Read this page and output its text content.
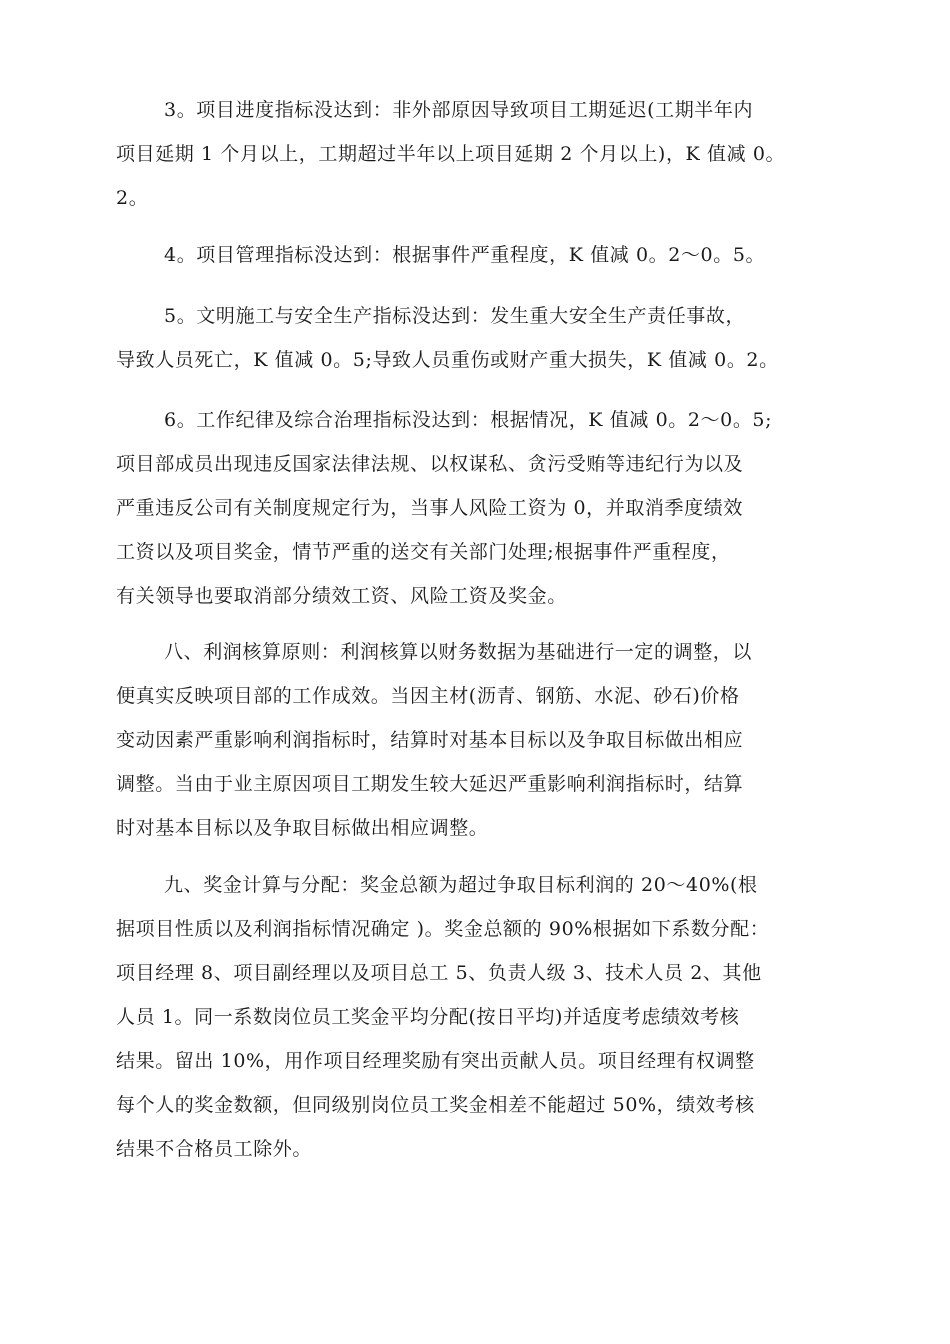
3。项目进度指标没达到：非外部原因导致项目工期延迟(工期半年内
项目延期 1 个月以上，工期超过半年以上项目延期 2 个月以上)，K 值减 0。
2。
4。项目管理指标没达到：根据事件严重程度，K 值减 0。2～0。5。
5。文明施工与安全生产指标没达到：发生重大安全生产责任事故，
导致人员死亡，K 值减 0。5;导致人员重伤或财产重大损失，K 值减 0。2。
6。工作纪律及综合治理指标没达到：根据情况，K 值减 0。2～0。5;
项目部成员出现违反国家法律法规、以权谋私、贪污受贿等违纪行为以及
严重违反公司有关制度规定行为，当事人风险工资为 0，并取消季度绩效
工资以及项目奖金，情节严重的送交有关部门处理;根据事件严重程度，
有关领导也要取消部分绩效工资、风险工资及奖金。
八、利润核算原则：利润核算以财务数据为基础进行一定的调整，以
便真实反映项目部的工作成效。当因主材(沥青、钢筋、水泥、砂石)价格
变动因素严重影响利润指标时，结算时对基本目标以及争取目标做出相应
调整。当由于业主原因项目工期发生较大延迟严重影响利润指标时，结算
时对基本目标以及争取目标做出相应调整。
九、奖金计算与分配：奖金总额为超过争取目标利润的 20～40%(根
据项目性质以及利润指标情况确定 )。奖金总额的 90%根据如下系数分配：
项目经理 8、项目副经理以及项目总工 5、负责人级 3、技术人员 2、其他
人员 1。同一系数岗位员工奖金平均分配(按日平均)并适度考虑绩效考核
结果。留出 10%，用作项目经理奖励有突出贡献人员。项目经理有权调整
每个人的奖金数额，但同级别岗位员工奖金相差不能超过 50%，绩效考核
结果不合格员工除外。
